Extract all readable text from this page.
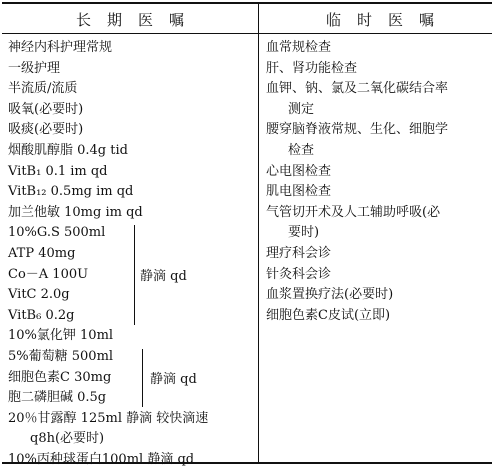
长期医嘱	临时医嘱
神经内科护理常规
一级护理
半流质/流质
吸氧(必要时)
吸痰(必要时)
烟酸肌醇脂 0.4g tid
VitB₁ 0.1 im qd
VitB₁₂ 0.5mg im qd
加兰他敏 10mg im qd
10%G.S 500ml
ATP 40mg
Co－A 100U
VitC 2.0g
VitB₆ 0.2g
10%氯化钾 10ml
静滴 qd
5%葡萄糖 500ml
细胞色素C 30mg
胞二磷胆碱 0.5g
静滴 qd
20％甘露醇 125ml 静滴 较快滴速
q8h(必要时)
10%丙种球蛋白100ml 静滴 qd
血常规检查
肝、肾功能检查
血钾、钠、氯及二氧化碳结合率
测定
腰穿脑脊液常规、生化、细胞学
检查
心电图检查
肌电图检查
气管切开术及人工辅助呼吸(必
要时)
理疗科会诊
针灸科会诊
血浆置换疗法(必要时)
细胞色素C皮试(立即)
